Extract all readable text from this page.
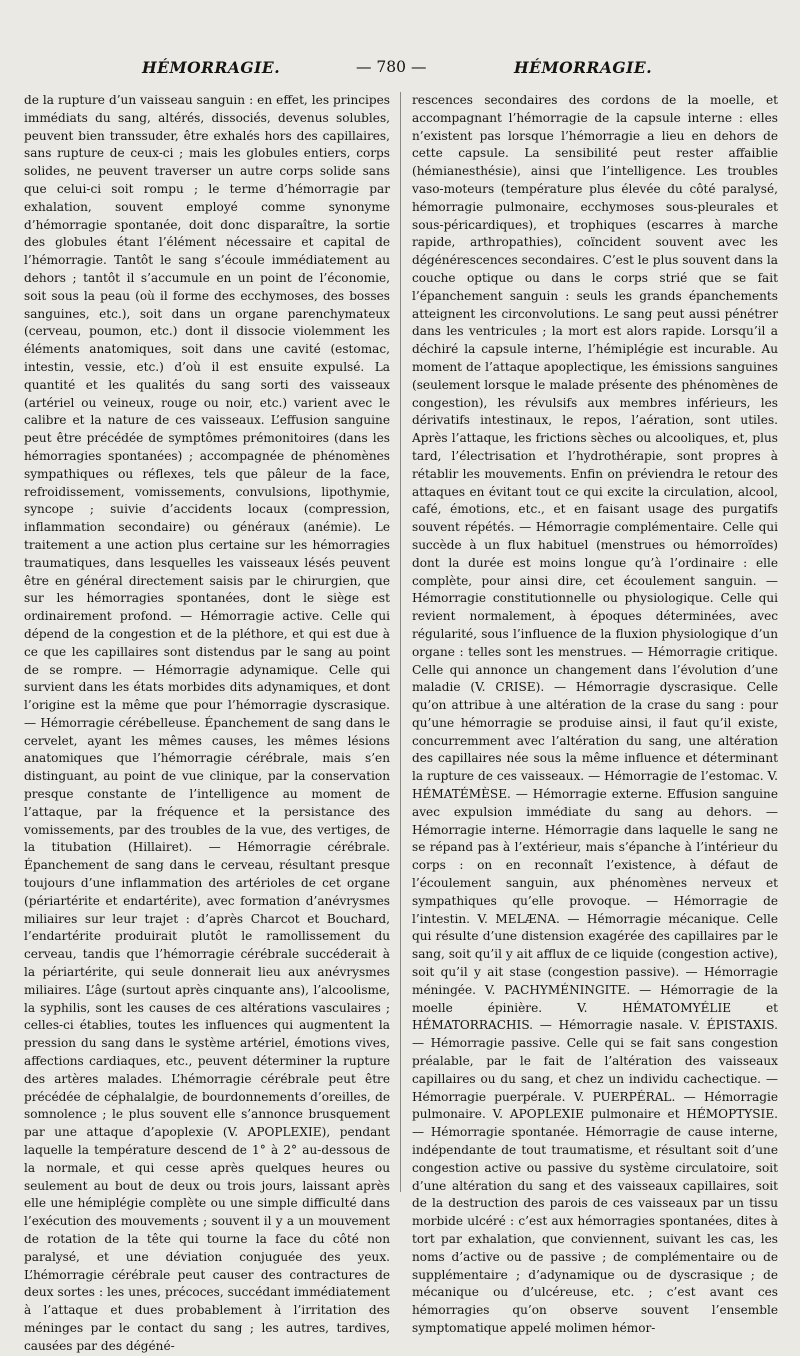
HÉMORRAGIE.	— 780 —	HÉMORRAGIE.

de la rupture d’un vaisseau sanguin : en effet, les principes immédiats du sang, altérés, dissociés, devenus solubles, peuvent bien transsuder, être exhalés hors des capillaires, sans rupture de ceux-ci ; mais les globules entiers, corps solides, ne peuvent traverser un autre corps solide sans que celui-ci soit rompu ; le terme d’hémorragie par exhalation, souvent employé comme synonyme d’hémorragie spontanée, doit donc disparaître, la sortie des globules étant l’élément nécessaire et capital de l’hémorragie. Tantôt le sang s’écoule immédiatement au dehors ; tantôt il s’accumule en un point de l’économie, soit sous la peau (où il forme des ecchymoses, des bosses sanguines, etc.), soit dans un organe parenchymateux (cerveau, poumon, etc.) dont il dissocie violemment les éléments anatomiques, soit dans une cavité (estomac, intestin, vessie, etc.) d’où il est ensuite expulsé. La quantité et les qualités du sang sorti des vaisseaux (artériel ou veineux, rouge ou noir, etc.) varient avec le calibre et la nature de ces vaisseaux. L’effusion sanguine peut être précédée de symptômes prémonitoires (dans les hémorragies spontanées) ; accompagnée de phénomènes sympathiques ou réflexes, tels que pâleur de la face, refroidissement, vomissements, convulsions, lipothymie, syncope ; suivie d’accidents locaux (compression, inflammation secondaire) ou généraux (anémie). Le traitement a une action plus certaine sur les hémorragies traumatiques, dans lesquelles les vaisseaux lésés peuvent être en général directement saisis par le chirurgien, que sur les hémorragies spontanées, dont le siège est ordinairement profond. — Hémorragie active. Celle qui dépend de la congestion et de la pléthore, et qui est due à ce que les capillaires sont distendus par le sang au point de se rompre. — Hémorragie adynamique. Celle qui survient dans les états morbides dits adynamiques, et dont l’origine est la même que pour l’hémorragie dyscrasique. — Hémorragie cérébelleuse. Épanchement de sang dans le cervelet, ayant les mêmes causes, les mêmes lésions anatomiques que l’hémorragie cérébrale, mais s’en distinguant, au point de vue clinique, par la conservation presque constante de l’intelligence au moment de l’attaque, par la fréquence et la persistance des vomissements, par des troubles de la vue, des vertiges, de la titubation (Hillairet). — Hémorragie cérébrale. Épanchement de sang dans le cerveau, résultant presque toujours d’une inflammation des artérioles de cet organe (périartérite et endartérite), avec formation d’anévrysmes miliaires sur leur trajet : d’après Charcot et Bouchard, l’endartérite produirait plutôt le ramollissement du cerveau, tandis que l’hémorragie cérébrale succéderait à la périartérite, qui seule donnerait lieu aux anévrysmes miliaires. L’âge (surtout après cinquante ans), l’alcoolisme, la syphilis, sont les causes de ces altérations vasculaires ; celles-ci établies, toutes les influences qui augmentent la pression du sang dans le système artériel, émotions vives, affections cardiaques, etc., peuvent déterminer la rupture des artères malades. L’hémorragie cérébrale peut être précédée de céphalalgie, de bourdonnements d’oreilles, de somnolence ; le plus souvent elle s’annonce brusquement par une attaque d’apoplexie (V. APOPLEXIE), pendant laquelle la température descend de 1° à 2° au-dessous de la normale, et qui cesse après quelques heures ou seulement au bout de deux ou trois jours, laissant après elle une hémiplégie complète ou une simple difficulté dans l’exécution des mouvements ; souvent il y a un mouvement de rotation de la tête qui tourne la face du côté non paralysé, et une déviation conjuguée des yeux. L’hémorragie cérébrale peut causer des contractures de deux sortes : les unes, précoces, succédant immédiatement à l’attaque et dues probablement à l’irritation des méninges par le contact du sang ; les autres, tardives, causées par des dégéné-

rescences secondaires des cordons de la moelle, et accompagnant l’hémorragie de la capsule interne : elles n’existent pas lorsque l’hémorragie a lieu en dehors de cette capsule. La sensibilité peut rester affaiblie (hémianesthésie), ainsi que l’intelligence. Les troubles vaso-moteurs (température plus élevée du côté paralysé, hémorragie pulmonaire, ecchymoses sous-pleurales et sous-péricardiques), et trophiques (escarres à marche rapide, arthropathies), coïncident souvent avec les dégénérescences secondaires. C’est le plus souvent dans la couche optique ou dans le corps strié que se fait l’épanchement sanguin : seuls les grands épanchements atteignent les circonvolutions. Le sang peut aussi pénétrer dans les ventricules ; la mort est alors rapide. Lorsqu’il a déchiré la capsule interne, l’hémiplégie est incurable. Au moment de l’attaque apoplectique, les émissions sanguines (seulement lorsque le malade présente des phénomènes de congestion), les révulsifs aux membres inférieurs, les dérivatifs intestinaux, le repos, l’aération, sont utiles. Après l’attaque, les frictions sèches ou alcooliques, et, plus tard, l’électrisation et l’hydrothérapie, sont propres à rétablir les mouvements. Enfin on préviendra le retour des attaques en évitant tout ce qui excite la circulation, alcool, café, émotions, etc., et en faisant usage des purgatifs souvent répétés. — Hémorragie complémentaire. Celle qui succède à un flux habituel (menstrues ou hémorroïdes) dont la durée est moins longue qu’à l’ordinaire : elle complète, pour ainsi dire, cet écoulement sanguin. — Hémorragie constitutionnelle ou physiologique. Celle qui revient normalement, à époques déterminées, avec régularité, sous l’influence de la fluxion physiologique d’un organe : telles sont les menstrues. — Hémorragie critique. Celle qui annonce un changement dans l’évolution d’une maladie (V. CRISE). — Hémorragie dyscrasique. Celle qu’on attribue à une altération de la crase du sang : pour qu’une hémorragie se produise ainsi, il faut qu’il existe, concurremment avec l’altération du sang, une altération des capillaires née sous la même influence et déterminant la rupture de ces vaisseaux. — Hémorragie de l’estomac. V. HÉMATÉMÈSE. — Hémorragie externe. Effusion sanguine avec expulsion immédiate du sang au dehors. — Hémorragie interne. Hémorragie dans laquelle le sang ne se répand pas à l’extérieur, mais s’épanche à l’intérieur du corps : on en reconnaît l’existence, à défaut de l’écoulement sanguin, aux phénomènes nerveux et sympathiques qu’elle provoque. — Hémorragie de l’intestin. V. MELÆNA. — Hémorragie mécanique. Celle qui résulte d’une distension exagérée des capillaires par le sang, soit qu’il y ait afflux de ce liquide (congestion active), soit qu’il y ait stase (congestion passive). — Hémorragie méningée. V. PACHYMÉNINGITE. — Hémorragie de la moelle épinière. V. HÉMATOMYÉLIE et HÉMATORRACHIS. — Hémorragie nasale. V. ÉPISTAXIS. — Hémorragie passive. Celle qui se fait sans congestion préalable, par le fait de l’altération des vaisseaux capillaires ou du sang, et chez un individu cachectique. — Hémorragie puerpérale. V. PUERPÉRAL. — Hémorragie pulmonaire. V. APOPLEXIE pulmonaire et HÉMOPTYSIE. — Hémorragie spontanée. Hémorragie de cause interne, indépendante de tout traumatisme, et résultant soit d’une congestion active ou passive du système circulatoire, soit d’une altération du sang et des vaisseaux capillaires, soit de la destruction des parois de ces vaisseaux par un tissu morbide ulcéré : c’est aux hémorragies spontanées, dites à tort par exhalation, que conviennent, suivant les cas, les noms d’active ou de passive ; de complémentaire ou de supplémentaire ; d’adynamique ou de dyscrasique ; de mécanique ou d’ulcéreuse, etc. ; c’est avant ces hémorragies qu’on observe souvent l’ensemble symptomatique appelé molimen hémor-
